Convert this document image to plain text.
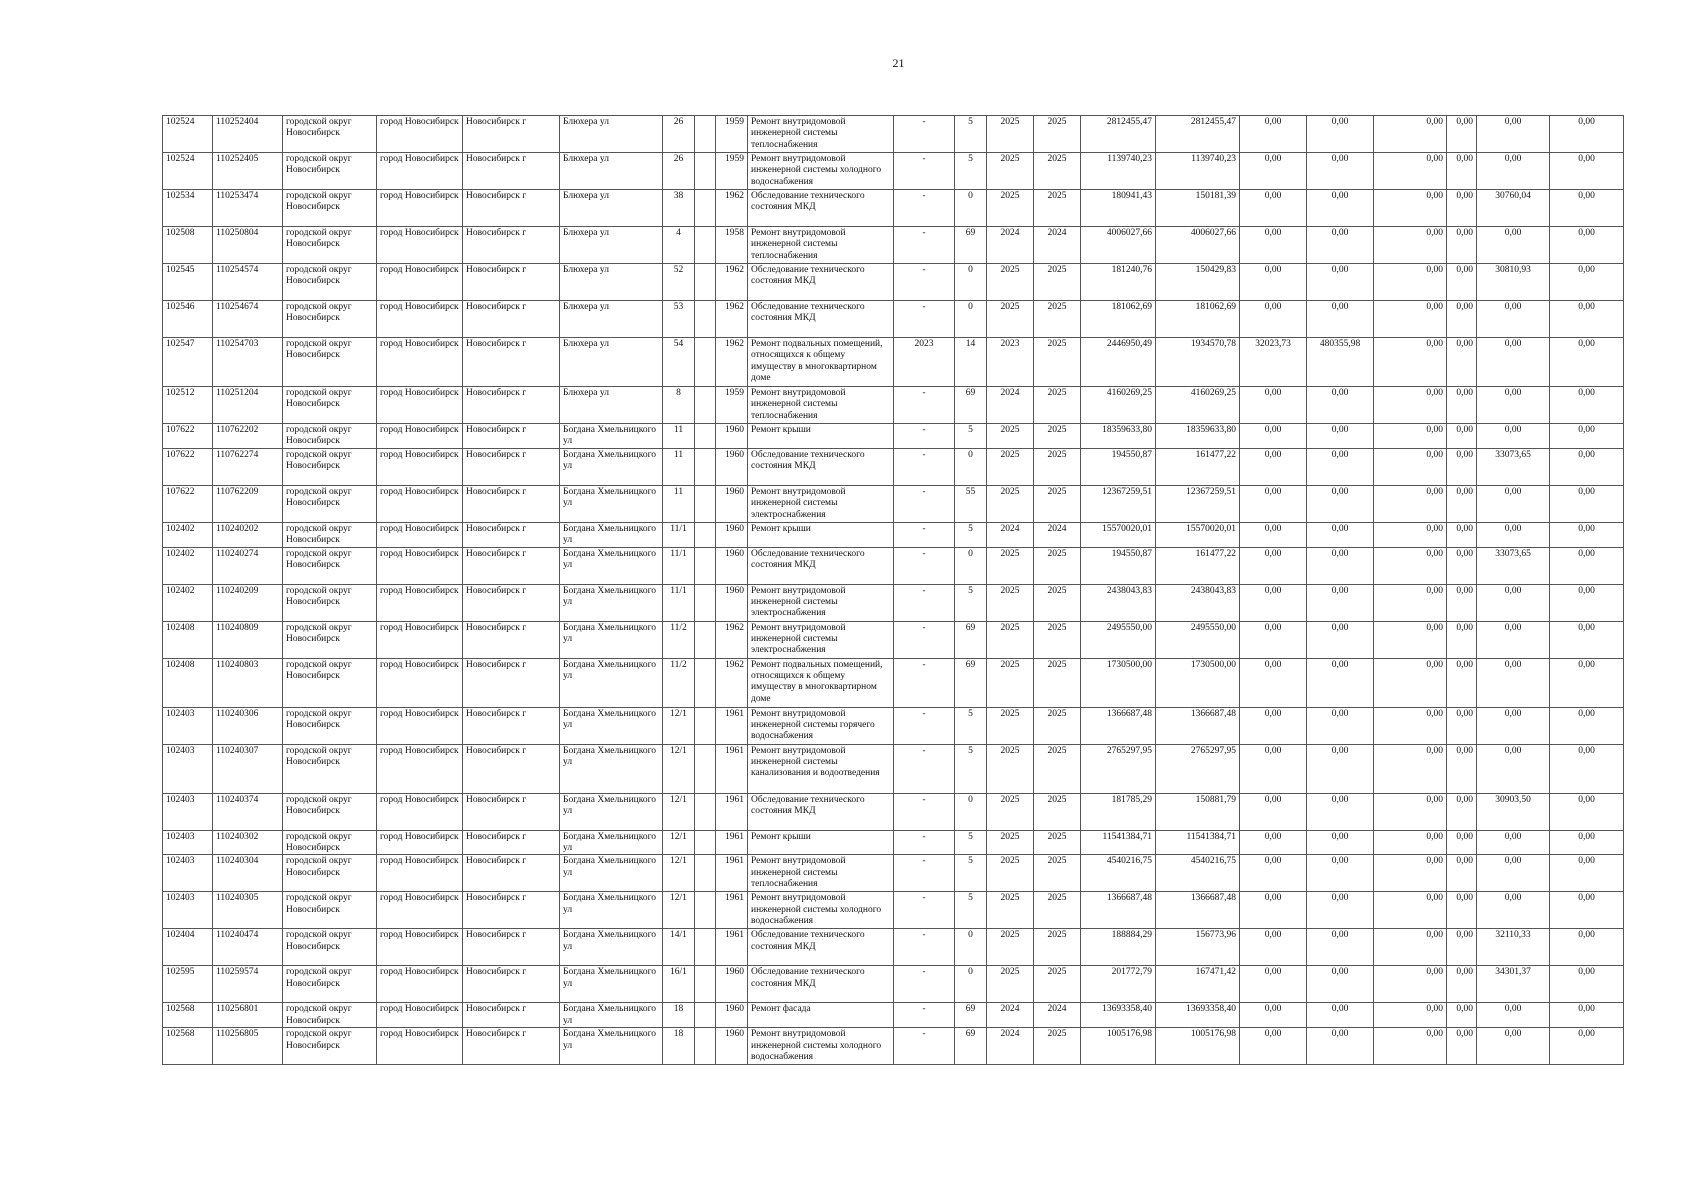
21
102524	110252404	городской округ Новосибирск	город Новосибирск	Новосибирск г	Блюхера ул	26		1959	Ремонт внутридомовой инженерной системы теплоснабжения	-	5	2025	2025	2812455,47	2812455,47	0,00	0,00	0,00	0,00	0,00	0,00
102524	110252405	городской округ Новосибирск	город Новосибирск	Новосибирск г	Блюхера ул	26		1959	Ремонт внутридомовой инженерной системы холодного водоснабжения	-	5	2025	2025	1139740,23	1139740,23	0,00	0,00	0,00	0,00	0,00	0,00
102534	110253474	городской округ Новосибирск	город Новосибирск	Новосибирск г	Блюхера ул	38		1962	Обследование технического состояния МКД	-	0	2025	2025	180941,43	150181,39	0,00	0,00	0,00	0,00	30760,04	0,00
102508	110250804	городской округ Новосибирск	город Новосибирск	Новосибирск г	Блюхера ул	4		1958	Ремонт внутридомовой инженерной системы теплоснабжения	-	69	2024	2024	4006027,66	4006027,66	0,00	0,00	0,00	0,00	0,00	0,00
102545	110254574	городской округ Новосибирск	город Новосибирск	Новосибирск г	Блюхера ул	52		1962	Обследование технического состояния МКД	-	0	2025	2025	181240,76	150429,83	0,00	0,00	0,00	0,00	30810,93	0,00
102546	110254674	городской округ Новосибирск	город Новосибирск	Новосибирск г	Блюхера ул	53		1962	Обследование технического состояния МКД	-	0	2025	2025	181062,69	181062,69	0,00	0,00	0,00	0,00	0,00	0,00
102547	110254703	городской округ Новосибирск	город Новосибирск	Новосибирск г	Блюхера ул	54		1962	Ремонт подвальных помещений, относящихся к общему имуществу в многоквартирном доме	2023	14	2023	2025	2446950,49	1934570,78	32023,73	480355,98	0,00	0,00	0,00	0,00
102512	110251204	городской округ Новосибирск	город Новосибирск	Новосибирск г	Блюхера ул	8		1959	Ремонт внутридомовой инженерной системы теплоснабжения	-	69	2024	2025	4160269,25	4160269,25	0,00	0,00	0,00	0,00	0,00	0,00
107622	110762202	городской округ Новосибирск	город Новосибирск	Новосибирск г	Богдана Хмельницкого ул	11		1960	Ремонт крыши	-	5	2025	2025	18359633,80	18359633,80	0,00	0,00	0,00	0,00	0,00	0,00
107622	110762274	городской округ Новосибирск	город Новосибирск	Новосибирск г	Богдана Хмельницкого ул	11		1960	Обследование технического состояния МКД	-	0	2025	2025	194550,87	161477,22	0,00	0,00	0,00	0,00	33073,65	0,00
107622	110762209	городской округ Новосибирск	город Новосибирск	Новосибирск г	Богдана Хмельницкого ул	11		1960	Ремонт внутридомовой инженерной системы электроснабжения	-	55	2025	2025	12367259,51	12367259,51	0,00	0,00	0,00	0,00	0,00	0,00
102402	110240202	городской округ Новосибирск	город Новосибирск	Новосибирск г	Богдана Хмельницкого ул	11/1		1960	Ремонт крыши	-	5	2024	2024	15570020,01	15570020,01	0,00	0,00	0,00	0,00	0,00	0,00
102402	110240274	городской округ Новосибирск	город Новосибирск	Новосибирск г	Богдана Хмельницкого ул	11/1		1960	Обследование технического состояния МКД	-	0	2025	2025	194550,87	161477,22	0,00	0,00	0,00	0,00	33073,65	0,00
102402	110240209	городской округ Новосибирск	город Новосибирск	Новосибирск г	Богдана Хмельницкого ул	11/1		1960	Ремонт внутридомовой инженерной системы электроснабжения	-	5	2025	2025	2438043,83	2438043,83	0,00	0,00	0,00	0,00	0,00	0,00
102408	110240809	городской округ Новосибирск	город Новосибирск	Новосибирск г	Богдана Хмельницкого ул	11/2		1962	Ремонт внутридомовой инженерной системы электроснабжения	-	69	2025	2025	2495550,00	2495550,00	0,00	0,00	0,00	0,00	0,00	0,00
102408	110240803	городской округ Новосибирск	город Новосибирск	Новосибирск г	Богдана Хмельницкого ул	11/2		1962	Ремонт подвальных помещений, относящихся к общему имуществу в многоквартирном доме	-	69	2025	2025	1730500,00	1730500,00	0,00	0,00	0,00	0,00	0,00	0,00
102403	110240306	городской округ Новосибирск	город Новосибирск	Новосибирск г	Богдана Хмельницкого ул	12/1		1961	Ремонт внутридомовой инженерной системы горячего водоснабжения	-	5	2025	2025	1366687,48	1366687,48	0,00	0,00	0,00	0,00	0,00	0,00
102403	110240307	городской округ Новосибирск	город Новосибирск	Новосибирск г	Богдана Хмельницкого ул	12/1		1961	Ремонт внутридомовой инженерной системы канализования и водоотведения	-	5	2025	2025	2765297,95	2765297,95	0,00	0,00	0,00	0,00	0,00	0,00
102403	110240374	городской округ Новосибирск	город Новосибирск	Новосибирск г	Богдана Хмельницкого ул	12/1		1961	Обследование технического состояния МКД	-	0	2025	2025	181785,29	150881,79	0,00	0,00	0,00	0,00	30903,50	0,00
102403	110240302	городской округ Новосибирск	город Новосибирск	Новосибирск г	Богдана Хмельницкого ул	12/1		1961	Ремонт крыши	-	5	2025	2025	11541384,71	11541384,71	0,00	0,00	0,00	0,00	0,00	0,00
102403	110240304	городской округ Новосибирск	город Новосибирск	Новосибирск г	Богдана Хмельницкого ул	12/1		1961	Ремонт внутридомовой инженерной системы теплоснабжения	-	5	2025	2025	4540216,75	4540216,75	0,00	0,00	0,00	0,00	0,00	0,00
102403	110240305	городской округ Новосибирск	город Новосибирск	Новосибирск г	Богдана Хмельницкого ул	12/1		1961	Ремонт внутридомовой инженерной системы холодного водоснабжения	-	5	2025	2025	1366687,48	1366687,48	0,00	0,00	0,00	0,00	0,00	0,00
102404	110240474	городской округ Новосибирск	город Новосибирск	Новосибирск г	Богдана Хмельницкого ул	14/1		1961	Обследование технического состояния МКД	-	0	2025	2025	188884,29	156773,96	0,00	0,00	0,00	0,00	32110,33	0,00
102595	110259574	городской округ Новосибирск	город Новосибирск	Новосибирск г	Богдана Хмельницкого ул	16/1		1960	Обследование технического состояния МКД	-	0	2025	2025	201772,79	167471,42	0,00	0,00	0,00	0,00	34301,37	0,00
102568	110256801	городской округ Новосибирск	город Новосибирск	Новосибирск г	Богдана Хмельницкого ул	18		1960	Ремонт фасада	-	69	2024	2024	13693358,40	13693358,40	0,00	0,00	0,00	0,00	0,00	0,00
102568	110256805	городской округ Новосибирск	город Новосибирск	Новосибирск г	Богдана Хмельницкого ул	18		1960	Ремонт внутридомовой инженерной системы холодного водоснабжения	-	69	2024	2025	1005176,98	1005176,98	0,00	0,00	0,00	0,00	0,00	0,00
